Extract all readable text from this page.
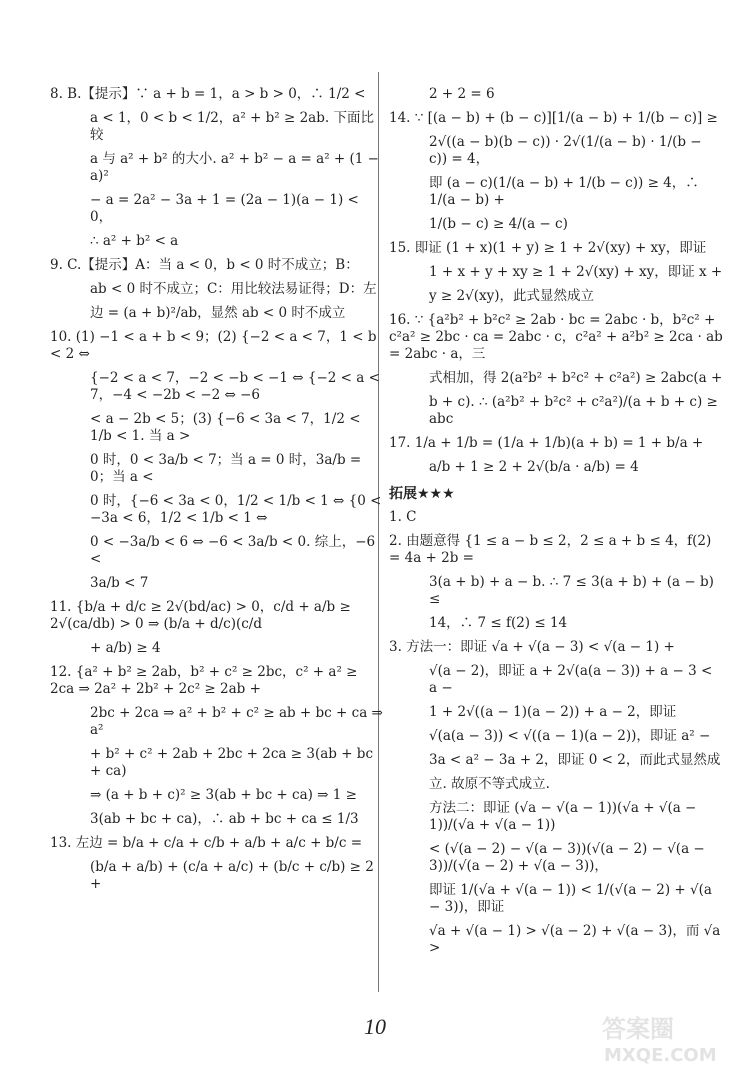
8. B.【提示】∵ a + b = 1，a > b > 0，∴ 1/2 <

a < 1，0 < b < 1/2，a² + b² ≥ 2ab. 下面比较

a 与 a² + b² 的大小. a² + b² − a = a² + (1 − a)²

− a = 2a² − 3a + 1 = (2a − 1)(a − 1) < 0，

∴ a² + b² < a

9. C.【提示】A：当 a < 0，b < 0 时不成立；B：

ab < 0 时不成立；C：用比较法易证得；D：左

边 = (a + b)²/ab，显然 ab < 0 时不成立

10. (1) −1 < a + b < 9；(2) {−2 < a < 7，1 < b < 2 ⇔

{−2 < a < 7，−2 < −b < −1 ⇔ {−2 < a < 7，−4 < −2b < −2 ⇔ −6

< a − 2b < 5；(3) {−6 < 3a < 7，1/2 < 1/b < 1. 当 a >

0 时，0 < 3a/b < 7；当 a = 0 时，3a/b = 0；当 a <

0 时，{−6 < 3a < 0，1/2 < 1/b < 1 ⇔ {0 < −3a < 6，1/2 < 1/b < 1 ⇔

0 < −3a/b < 6 ⇔ −6 < 3a/b < 0. 综上，−6 <

3a/b < 7

11. {b/a + d/c ≥ 2√(bd/ac) > 0，c/d + a/b ≥ 2√(ca/db) > 0 ⇒ (b/a + d/c)(c/d

+ a/b) ≥ 4

12. {a² + b² ≥ 2ab，b² + c² ≥ 2bc，c² + a² ≥ 2ca ⇒ 2a² + 2b² + 2c² ≥ 2ab +

2bc + 2ca ⇒ a² + b² + c² ≥ ab + bc + ca ⇒ a²

+ b² + c² + 2ab + 2bc + 2ca ≥ 3(ab + bc + ca)

⇒ (a + b + c)² ≥ 3(ab + bc + ca) ⇒ 1 ≥

3(ab + bc + ca)，∴ ab + bc + ca ≤ 1/3

13. 左边 = b/a + c/a + c/b + a/b + a/c + b/c =

(b/a + a/b) + (c/a + a/c) + (b/c + c/b) ≥ 2 +

2 + 2 = 6

14. ∵ [(a − b) + (b − c)][1/(a − b) + 1/(b − c)] ≥

2√((a − b)(b − c)) · 2√(1/(a − b) · 1/(b − c)) = 4，

即 (a − c)(1/(a − b) + 1/(b − c)) ≥ 4，∴ 1/(a − b) +

1/(b − c) ≥ 4/(a − c)

15. 即证 (1 + x)(1 + y) ≥ 1 + 2√(xy) + xy，即证

1 + x + y + xy ≥ 1 + 2√(xy) + xy，即证 x +

y ≥ 2√(xy)，此式显然成立

16. ∵ {a²b² + b²c² ≥ 2ab · bc = 2abc · b，b²c² + c²a² ≥ 2bc · ca = 2abc · c，c²a² + a²b² ≥ 2ca · ab = 2abc · a，三

式相加，得 2(a²b² + b²c² + c²a²) ≥ 2abc(a +

b + c). ∴ (a²b² + b²c² + c²a²)/(a + b + c) ≥ abc

17. 1/a + 1/b = (1/a + 1/b)(a + b) = 1 + b/a +

a/b + 1 ≥ 2 + 2√(b/a · a/b) = 4

拓展★★★

1. C

2. 由题意得 {1 ≤ a − b ≤ 2，2 ≤ a + b ≤ 4，f(2) = 4a + 2b =

3(a + b) + a − b. ∴ 7 ≤ 3(a + b) + (a − b) ≤

14，∴ 7 ≤ f(2) ≤ 14

3. 方法一：即证 √a + √(a − 3) < √(a − 1) +

√(a − 2)，即证 a + 2√(a(a − 3)) + a − 3 < a −

1 + 2√((a − 1)(a − 2)) + a − 2，即证

√(a(a − 3)) < √((a − 1)(a − 2))，即证 a² −

3a < a² − 3a + 2，即证 0 < 2，而此式显然成

立. 故原不等式成立.

方法二：即证 (√a − √(a − 1))(√a + √(a − 1))/(√a + √(a − 1))

< (√(a − 2) − √(a − 3))(√(a − 2) − √(a − 3))/(√(a − 2) + √(a − 3))，

即证 1/(√a + √(a − 1)) < 1/(√(a − 2) + √(a − 3))，即证

√a + √(a − 1) > √(a − 2) + √(a − 3)，而 √a >

10	答案圈
MXQE.COM
